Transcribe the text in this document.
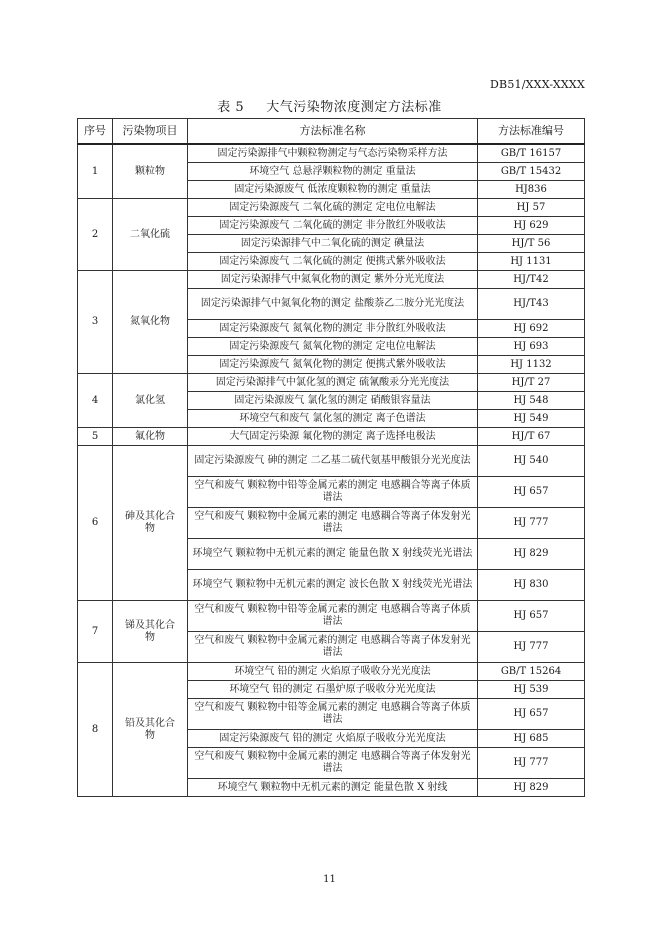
DB51/XXX-XXXX
表 5 大气污染物浓度测定方法标准
序号	污染物项目	方法标准名称	方法标准编号
1	颗粒物	固定污染源排气中颗粒物测定与气态污染物采样方法	GB/T 16157
		环境空气 总悬浮颗粒物的测定 重量法	GB/T 15432
		固定污染源废气 低浓度颗粒物的测定 重量法	HJ836
2	二氧化硫	固定污染源废气 二氧化硫的测定 定电位电解法	HJ 57
		固定污染源废气 二氧化硫的测定 非分散红外吸收法	HJ 629
		固定污染源排气中二氧化硫的测定 碘量法	HJ/T 56
		固定污染源废气 二氧化硫的测定 便携式紫外吸收法	HJ 1131
3	氮氧化物	固定污染源排气中氮氧化物的测定 紫外分光光度法	HJ/T42
		固定污染源排气中氮氧化物的测定 盐酸萘乙二胺分光光度法	HJ/T43
		固定污染源废气 氮氧化物的测定 非分散红外吸收法	HJ 692
		固定污染源废气 氮氧化物的测定 定电位电解法	HJ 693
		固定污染源废气 氮氧化物的测定 便携式紫外吸收法	HJ 1132
4	氯化氢	固定污染源排气中氯化氢的测定 硫氰酸汞分光光度法	HJ/T 27
		固定污染源废气 氯化氢的测定 硝酸银容量法	HJ 548
		环境空气和废气 氯化氢的测定 离子色谱法	HJ 549
5	氟化物	大气固定污染源 氟化物的测定 离子选择电极法	HJ/T 67
6	砷及其化合物	固定污染源废气 砷的测定 二乙基二硫代氨基甲酸银分光光度法	HJ 540
		空气和废气 颗粒物中铅等金属元素的测定 电感耦合等离子体质谱法	HJ 657
		空气和废气 颗粒物中金属元素的测定 电感耦合等离子体发射光谱法	HJ 777
		环境空气 颗粒物中无机元素的测定 能量色散 X 射线荧光光谱法	HJ 829
		环境空气 颗粒物中无机元素的测定 波长色散 X 射线荧光光谱法	HJ 830
7	锑及其化合物	空气和废气 颗粒物中铅等金属元素的测定 电感耦合等离子体质谱法	HJ 657
		空气和废气 颗粒物中金属元素的测定 电感耦合等离子体发射光谱法	HJ 777
8	铅及其化合物	环境空气 铅的测定 火焰原子吸收分光光度法	GB/T 15264
		环境空气 铅的测定 石墨炉原子吸收分光光度法	HJ 539
		空气和废气 颗粒物中铅等金属元素的测定 电感耦合等离子体质谱法	HJ 657
		固定污染源废气 铅的测定 火焰原子吸收分光光度法	HJ 685
		空气和废气 颗粒物中金属元素的测定 电感耦合等离子体发射光谱法	HJ 777
		环境空气 颗粒物中无机元素的测定 能量色散 X 射线	HJ 829
11
